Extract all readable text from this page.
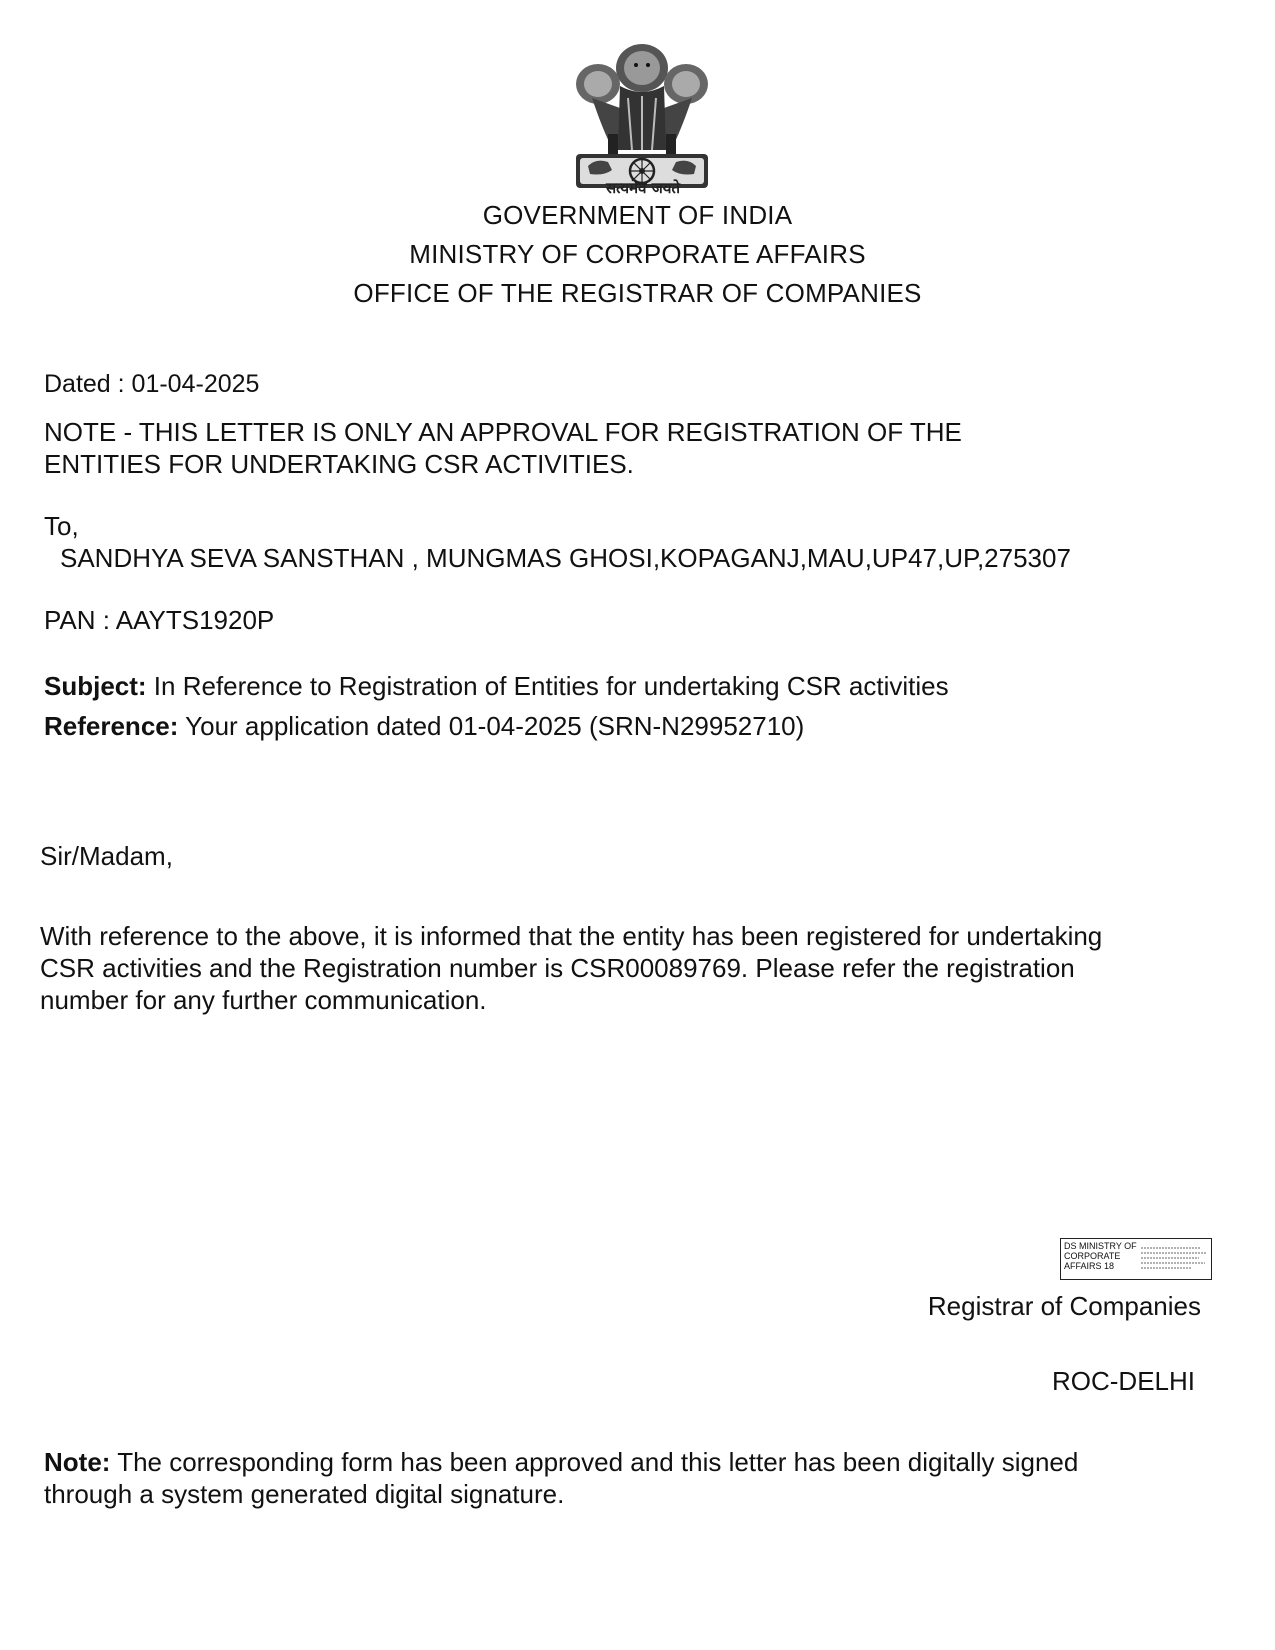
सत्यमेव जयते
GOVERNMENT OF INDIA
MINISTRY OF CORPORATE AFFAIRS
OFFICE OF THE REGISTRAR OF COMPANIES
Dated : 01-04-2025
NOTE - THIS LETTER IS ONLY AN APPROVAL FOR REGISTRATION OF THE
ENTITIES FOR UNDERTAKING CSR ACTIVITIES.
To,
SANDHYA SEVA SANSTHAN , MUNGMAS GHOSI,KOPAGANJ,MAU,UP47,UP,275307
PAN : AAYTS1920P
Subject: In Reference to Registration of Entities for undertaking CSR activities
Reference: Your application dated 01-04-2025 (SRN-N29952710)
Sir/Madam,
With reference to the above, it is informed that the entity has been registered for undertaking
CSR activities and the Registration number is CSR00089769. Please refer the registration
number for any further communication.
DS MINISTRY OF
CORPORATE
AFFAIRS 18
Registrar of Companies
ROC-DELHI
Note: The corresponding form has been approved and this letter has been digitally signed
through a system generated digital signature.
